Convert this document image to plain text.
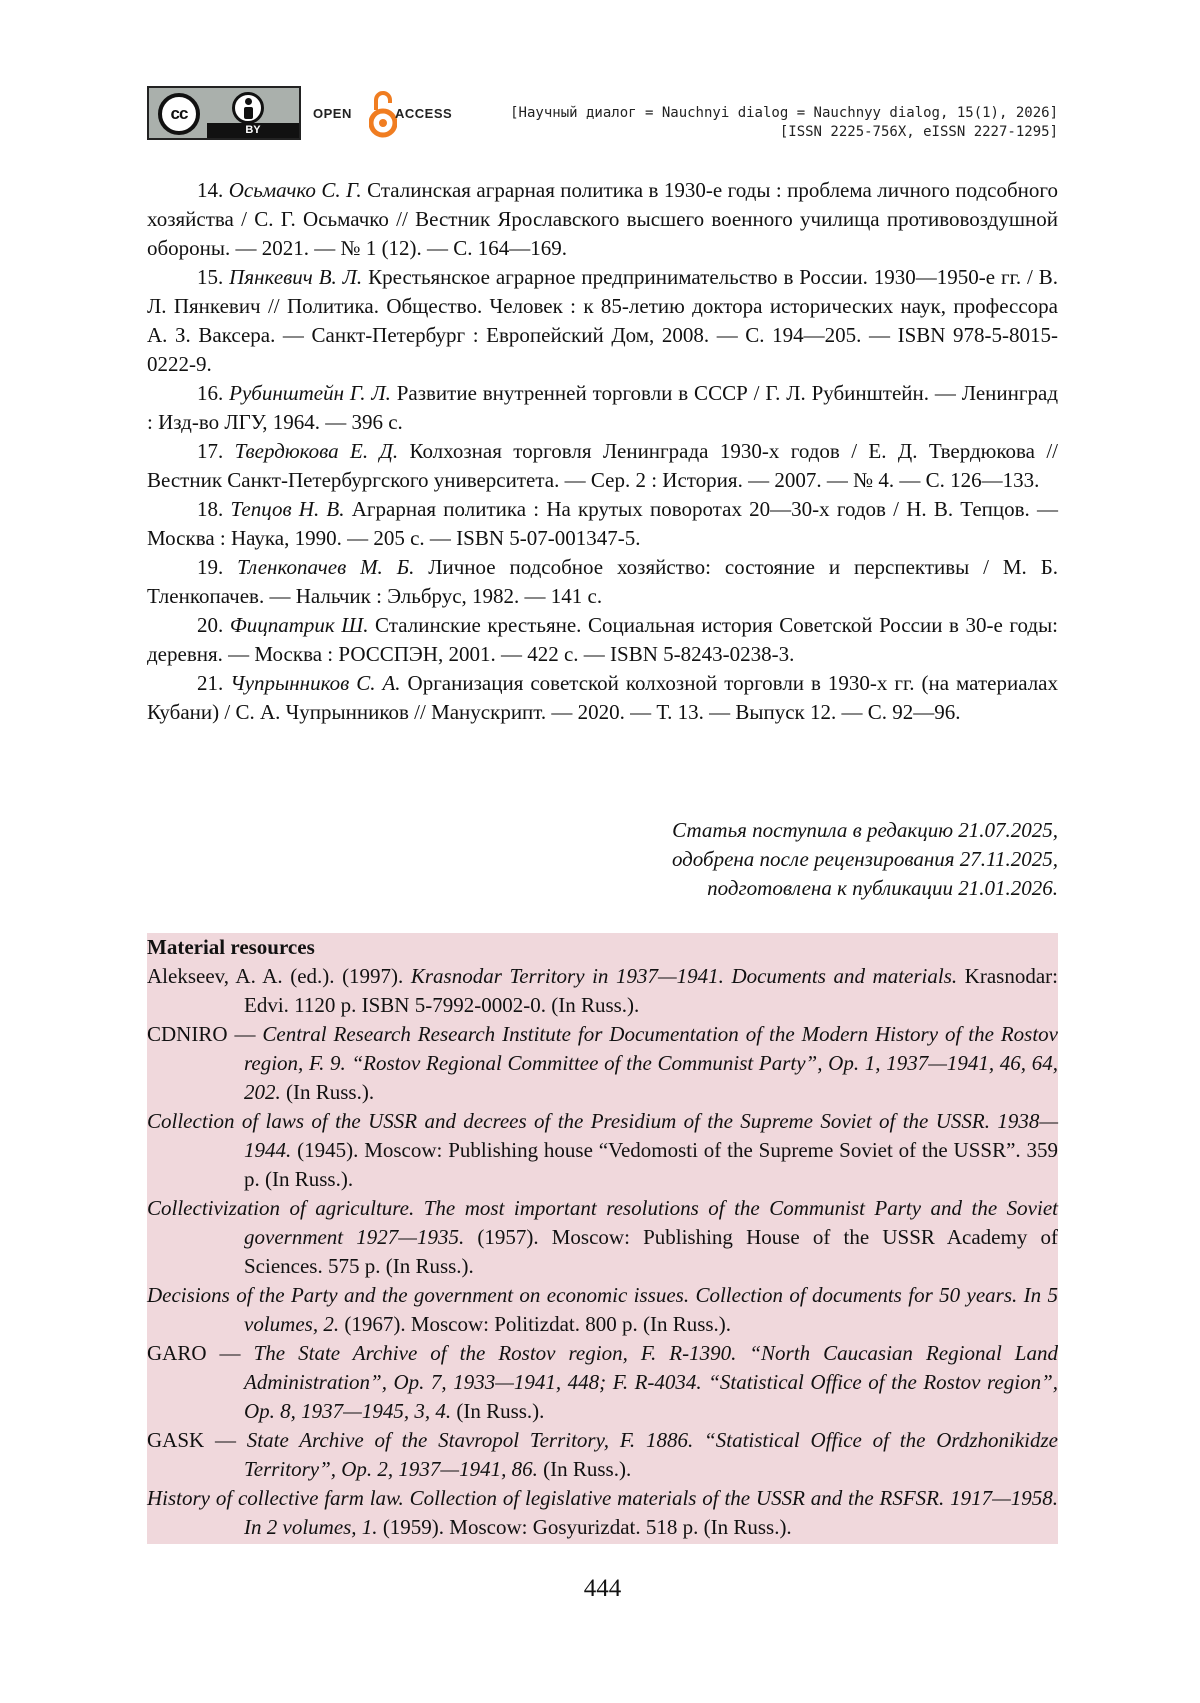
cc
BY
OPEN	ACCESS	[Научный диалог = Nauchnyi dialog = Nauchnyy dialog, 15(1), 2026]
[ISSN 2225-756X, eISSN 2227-1295]

14. Осьмачко С. Г. Сталинская аграрная политика в 1930-е годы : проблема личного подсобного хозяйства / С. Г. Осьмачко // Вестник Ярославского высшего военного училища противовоздушной обороны. — 2021. — № 1 (12). — С. 164—169.

15. Пянкевич В. Л. Крестьянское аграрное предпринимательство в России. 1930—1950-е гг. / В. Л. Пянкевич // Политика. Общество. Человек : к 85-летию доктора исторических наук, профессора А. З. Ваксера. — Санкт-Петербург : Европейский Дом, 2008. — С. 194—205. — ISBN 978-5-8015-0222-9.

16. Рубинштейн Г. Л. Развитие внутренней торговли в СССР / Г. Л. Рубинштейн. — Ленинград : Изд-во ЛГУ, 1964. — 396 с.

17. Твердюкова Е. Д. Колхозная торговля Ленинграда 1930-х годов / Е. Д. Твердюкова // Вестник Санкт-Петербургского университета. — Сер. 2 : История. — 2007. — № 4. — С. 126—133.

18. Тепцов Н. В. Аграрная политика : На крутых поворотах 20—30-х годов / Н. В. Тепцов. — Москва : Наука, 1990. — 205 с. — ISBN 5-07-001347-5.

19. Тленкопачев М. Б. Личное подсобное хозяйство: состояние и перспективы / М. Б. Тленкопачев. — Нальчик : Эльбрус, 1982. — 141 с.

20. Фицпатрик Ш. Сталинские крестьяне. Социальная история Советской России в 30-е годы: деревня. — Москва : РОССПЭН, 2001. — 422 с. — ISBN 5-8243-0238-3.

21. Чупрынников С. А. Организация советской колхозной торговли в 1930-х гг. (на материалах Кубани) / С. А. Чупрынников // Манускрипт. — 2020. — Т. 13. — Выпуск 12. — С. 92—96.

Статья поступила в редакцию 21.07.2025,
одобрена после рецензирования 27.11.2025,
подготовлена к публикации 21.01.2026.
Material resources

Alekseev, A. A. (ed.). (1997). Krasnodar Territory in 1937—1941. Documents and materials. Krasnodar: Edvi. 1120 p. ISBN 5-7992-0002-0. (In Russ.).

CDNIRO — Central Research Research Institute for Documentation of the Modern History of the Rostov region, F. 9. “Rostov Regional Committee of the Communist Party”, Op. 1, 1937—1941, 46, 64, 202. (In Russ.).

Collection of laws of the USSR and decrees of the Presidium of the Supreme Soviet of the USSR. 1938—1944. (1945). Moscow: Publishing house “Vedomosti of the Supreme Soviet of the USSR”. 359 p. (In Russ.).

Collectivization of agriculture. The most important resolutions of the Communist Party and the Soviet government 1927—1935. (1957). Moscow: Publishing House of the USSR Academy of Sciences. 575 p. (In Russ.).

Decisions of the Party and the government on economic issues. Collection of documents for 50 years. In 5 volumes, 2. (1967). Moscow: Politizdat. 800 p. (In Russ.).

GARO — The State Archive of the Rostov region, F. R-1390. “North Caucasian Regional Land Administration”, Op. 7, 1933—1941, 448; F. R-4034. “Statistical Office of the Rostov region”, Op. 8, 1937—1945, 3, 4. (In Russ.).

GASK — State Archive of the Stavropol Territory, F. 1886. “Statistical Office of the Ordzhonikidze Territory”, Op. 2, 1937—1941, 86. (In Russ.).

History of collective farm law. Collection of legislative materials of the USSR and the RSFSR. 1917—1958. In 2 volumes, 1. (1959). Moscow: Gosyurizdat. 518 p. (In Russ.).

444
